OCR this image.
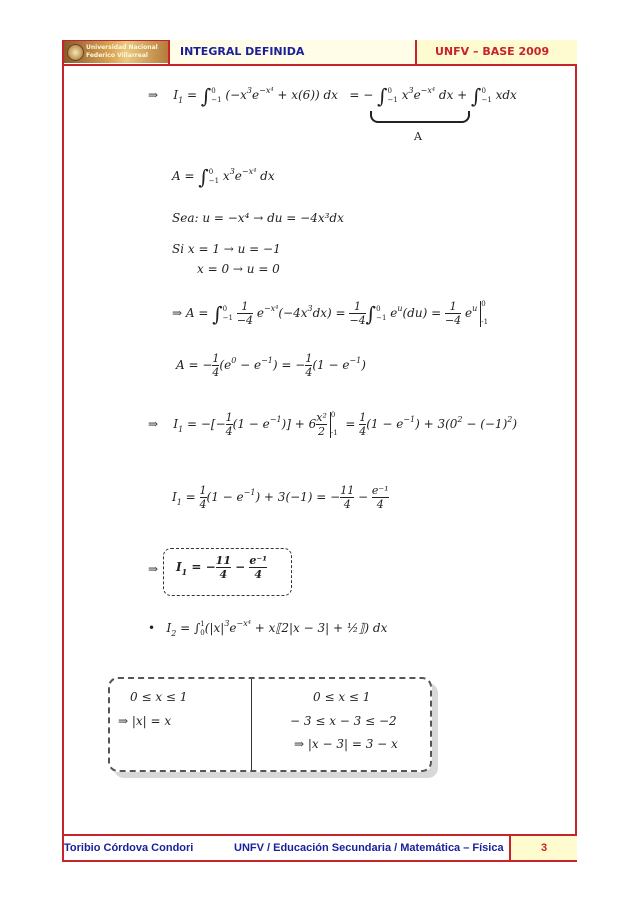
Universidad Nacional
Federico Villarreal	INTEGRAL DEFINIDA	UNFV – BASE 2009
⇒    $I_1 = \int 0$
−1 $(-x^3e^{-x^4} + x(6))$ dx   = − ∫0
−1 $x^3e^{-x^4}$ dx + ∫0
−1 xdx
A
A = ∫0
−1 $x^3e^{-x^4}$ dx
Sea: u = −x⁴ → du = −4x³dx
Si x = 1 → u = −1
x = 0 → u = 0
⇒ A = ∫0
$-1 \frac{1}{-4} e^{-x^4}(-4x^3dx) = \frac{1}{-4} \int 0$
−1 $e^u(du) = \frac{1}{-4} e^u$ 0

-1
A = − $\frac{1}{4} (e^0 - e^{-1})$ = − $\frac{1}{4} (1 - e^{-1})$
⇒    $I_1$ = −[− $\frac{1}{4} (1 - e^{-1})] + 6 \frac{\text{x²}}{2} 0$

$-1 = \frac{1}{4} (1 - e^{-1}) + 3(0^2 - (-1)^2)$
$I_1 = \frac{1}{4} (1 - e^{-1}) + 3(-1)$ = − $\frac{11}{4} - \frac{\text{e⁻¹}}{4}$
⇒ $I_1$ = − $\frac{11}{4} - \frac{\text{e⁻¹}}{4}$
•   $I_2 = \int 1$
$0(|x|^3e^{-x^4}$ + x⟦2|x − 3| + ½⟧) dx
0 ≤ x ≤ 1
⇒ |x| = x
0 ≤ x ≤ 1
− 3 ≤ x − 3 ≤ −2
⇒ |x − 3| = 3 − x
Toribio Córdova Condori	UNFV / Educación Secundaria / Matemática – Física	3
